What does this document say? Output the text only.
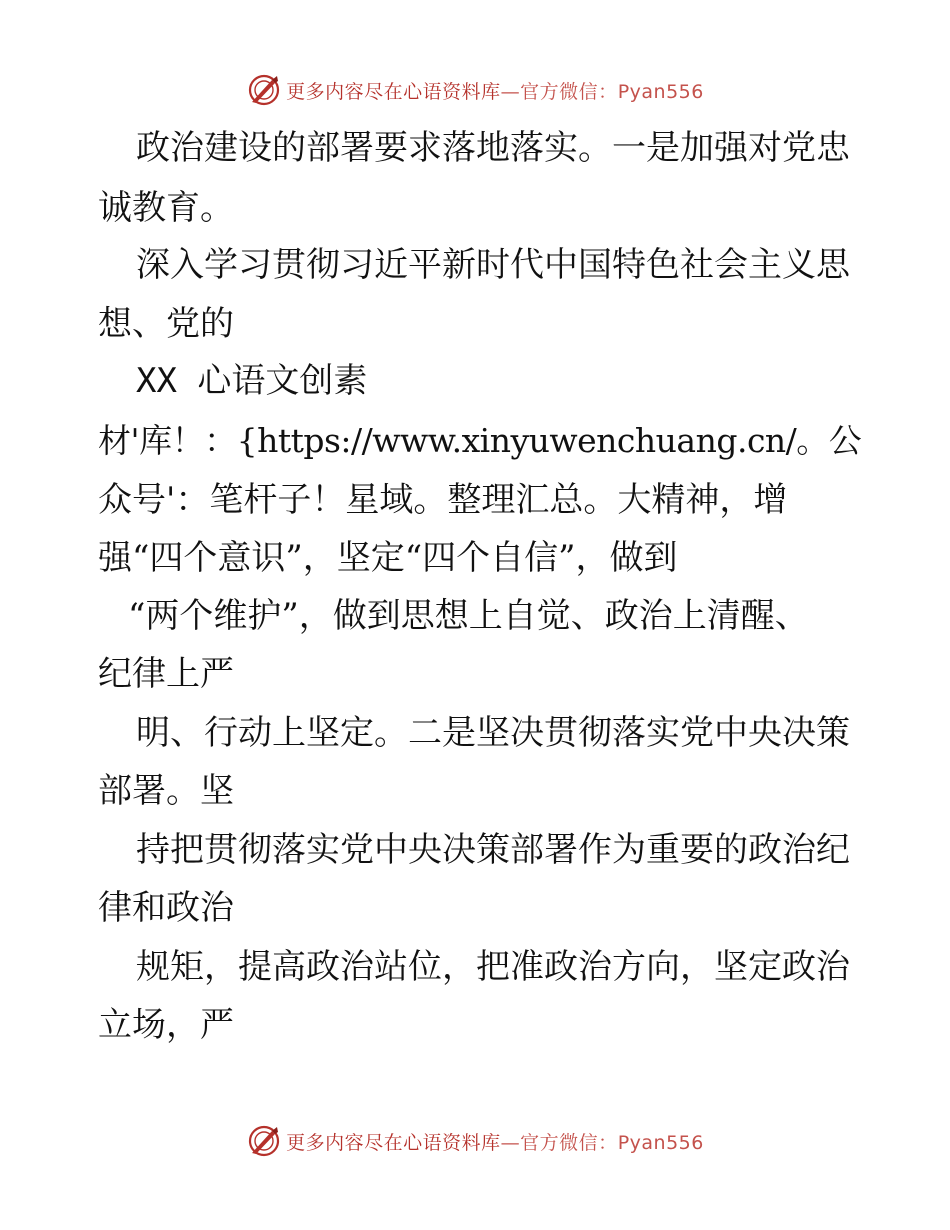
更多内容尽在心语资料库—官方微信：Pyan556
政治建设的部署要求落地落实。一是加强对党忠
诚教育。
深入学习贯彻习近平新时代中国特色社会主义思
想、党的
XX 心语文创素
材'库！：{https://www.xinyuwenchuang.cn/。公
众号'：笔杆子！星域。整理汇总。大精神，增
强“四个意识”，坚定“四个自信”，做到
“两个维护”，做到思想上自觉、政治上清醒、
纪律上严
明、行动上坚定。二是坚决贯彻落实党中央决策
部署。坚
持把贯彻落实党中央决策部署作为重要的政治纪
律和政治
规矩，提高政治站位，把准政治方向，坚定政治
立场，严
更多内容尽在心语资料库—官方微信：Pyan556
